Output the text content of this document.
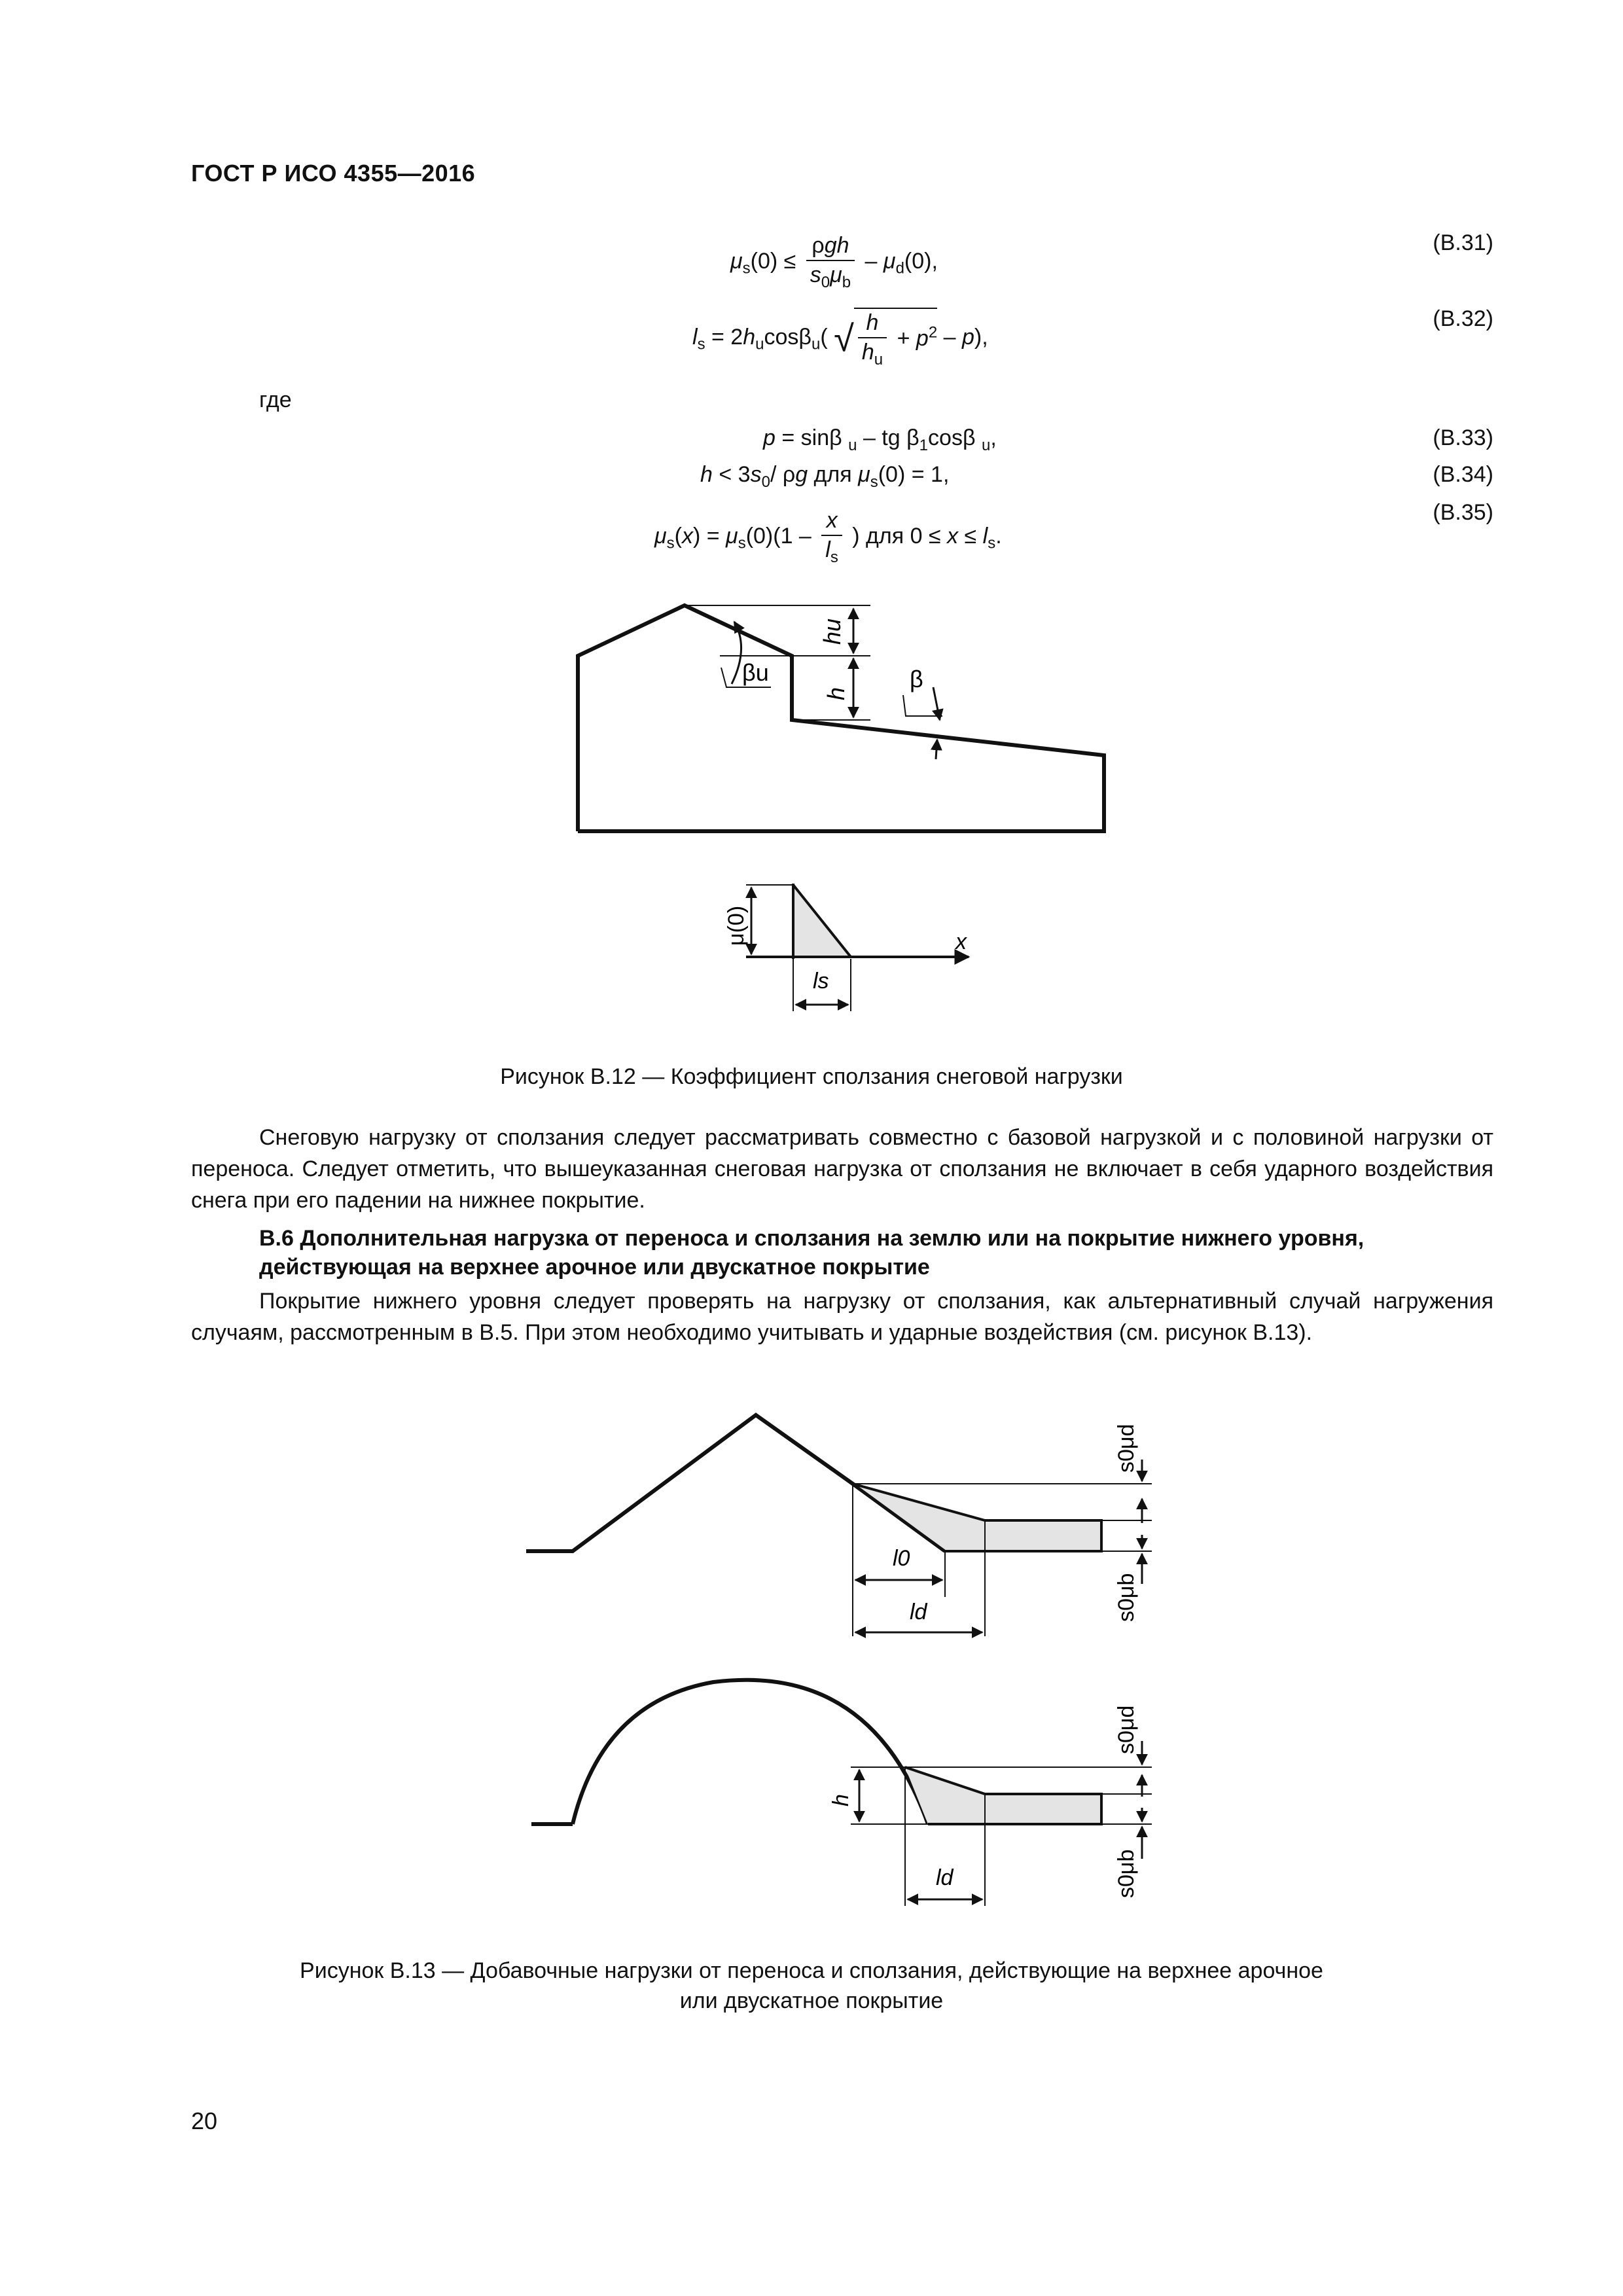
ГОСТ Р ИСО 4355—2016
$\mu_s(0) \le \frac{\text{ρgh}}{s_0\mu_b} - \mu_d(0)$,
(B.31)
$l_s = 2h_u\cos\beta_u$( √ $\frac{h}{h_u} + p^2 - p$),
(B.32)
где
p = sinβ $_u$ – tg $\beta_1\cos\beta$ $_u$,	(B.33)
$h < 3s_0/$ ρg для $\mu_s(0) = 1$,	(B.34)
$\mu_s(x) = \mu_s(0)(1 - \frac{x}{l_s}$ ) для $0 \le x \le l_s$.
(B.35)
hu
h
βu	β
μ(0)	x
ls
Рисунок В.12 — Коэффициент сползания снеговой нагрузки

Снеговую нагрузку от сползания следует рассматривать совместно с базовой нагрузкой и с половиной нагрузки от переноса. Следует отметить, что вышеуказанная снеговая нагрузка от сползания не включает в себя ударного воздействия снега при его падении на нижнее покрытие.

В.6 Дополнительная нагрузка от переноса и сползания на землю или на покрытие нижнего уровня,
действующая на верхнее арочное или двускатное покрытие

Покрытие нижнего уровня следует проверять на нагрузку от сползания, как альтернативный случай нагружения случаям, рассмотренным в В.5. При этом необходимо учитывать и ударные воздействия (см. рисунок В.13).

l0
ld
s0μd
s0μb
h
ld
s0μd
s0μb
Рисунок В.13 — Добавочные нагрузки от переноса и сползания, действующие на верхнее арочное
или двускатное покрытие
20
